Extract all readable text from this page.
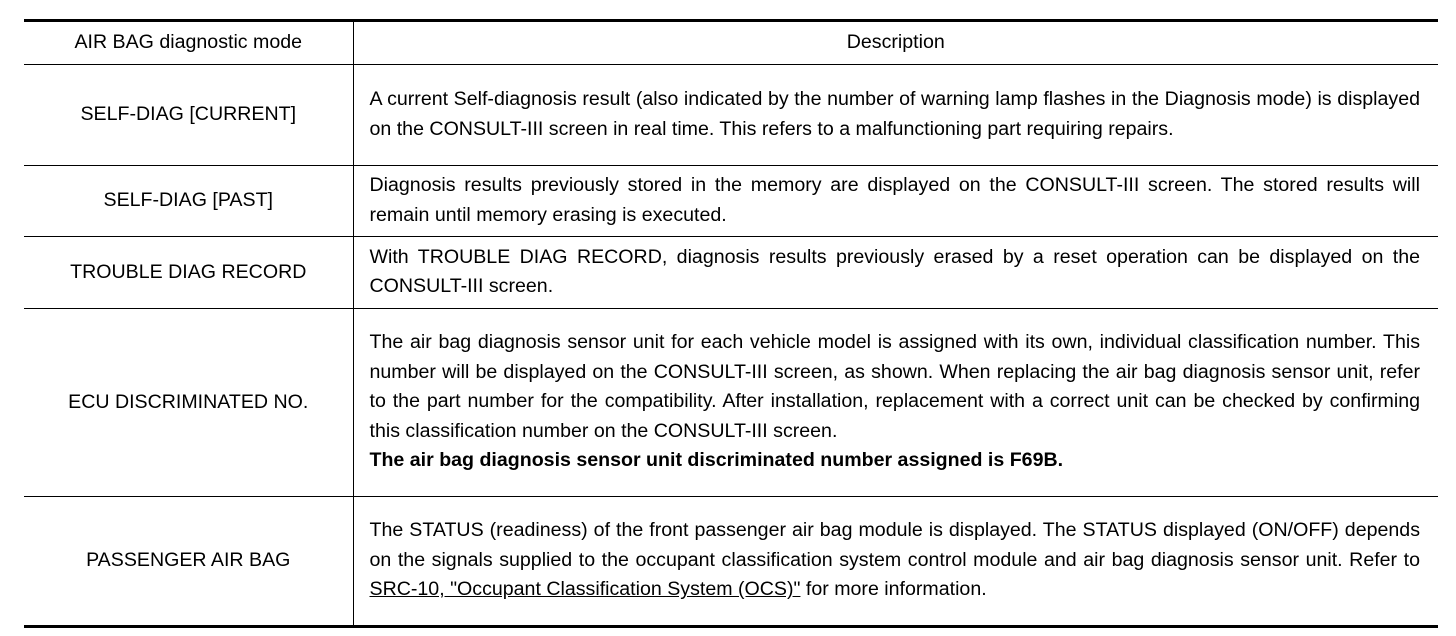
AIR BAG diagnostic mode	Description
SELF-DIAG [CURRENT]	A current Self-diagnosis result (also indicated by the number of warning lamp flashes in the Diagnosis mode) is displayed on the CONSULT-III screen in real time. This refers to a malfunctioning part requiring repairs.
SELF-DIAG [PAST]	Diagnosis results previously stored in the memory are displayed on the CONSULT-III screen. The stored results will remain until memory erasing is executed.
TROUBLE DIAG RECORD	With TROUBLE DIAG RECORD, diagnosis results previously erased by a reset operation can be displayed on the CONSULT-III screen.
ECU DISCRIMINATED NO.	The air bag diagnosis sensor unit for each vehicle model is assigned with its own, individual classification number. This number will be displayed on the CONSULT-III screen, as shown. When replacing the air bag diagnosis sensor unit, refer to the part number for the compatibility. After installation, replacement with a correct unit can be checked by confirming this classification number on the CONSULT-III screen.
The air bag diagnosis sensor unit discriminated number assigned is F69B.
PASSENGER AIR BAG	The STATUS (readiness) of the front passenger air bag module is displayed. The STATUS displayed (ON/OFF) depends on the signals supplied to the occupant classification system control module and air bag diagnosis sensor unit. Refer to SRC-10, "Occupant Classification System (OCS)" for more information.
